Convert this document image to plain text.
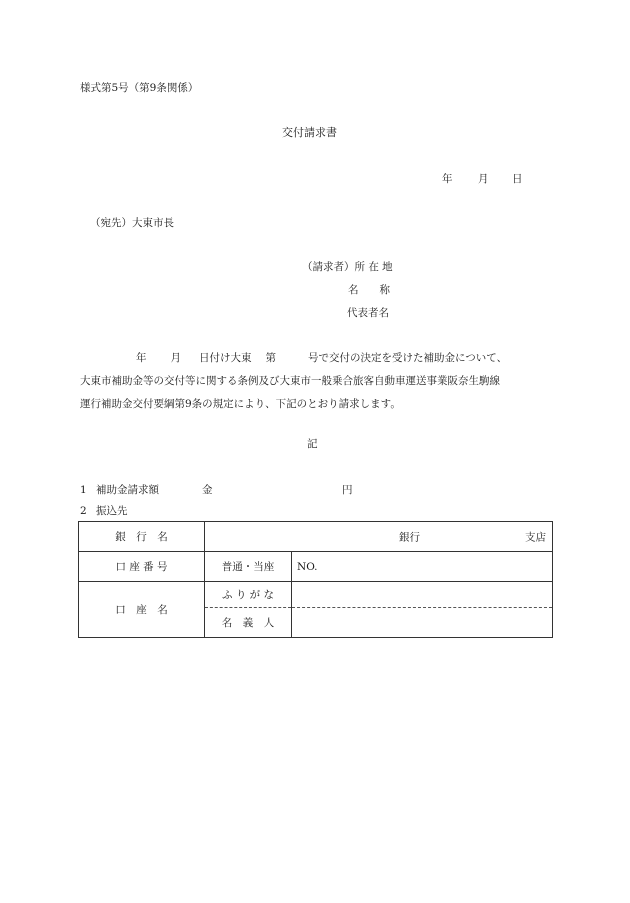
様式第5号（第9条関係）
交付請求書
年 月 日
（宛先）大東市長
（請求者）所 在 地
名　　称
代表者名
年 月 日付け大東 第	号で交付の決定を受けた補助金について、
大東市補助金等の交付等に関する条例及び大東市一般乗合旅客自動車運送事業阪奈生駒線
運行補助金交付要綱第9条の規定により、下記のとおり請求します。
記
1 補助金請求額	金	円
2 振込先
銀　行　名	銀行 支店	

口 座 番 号	普通・当座	NO.
口　座　名	ふ り が な	
	名　義　人	
